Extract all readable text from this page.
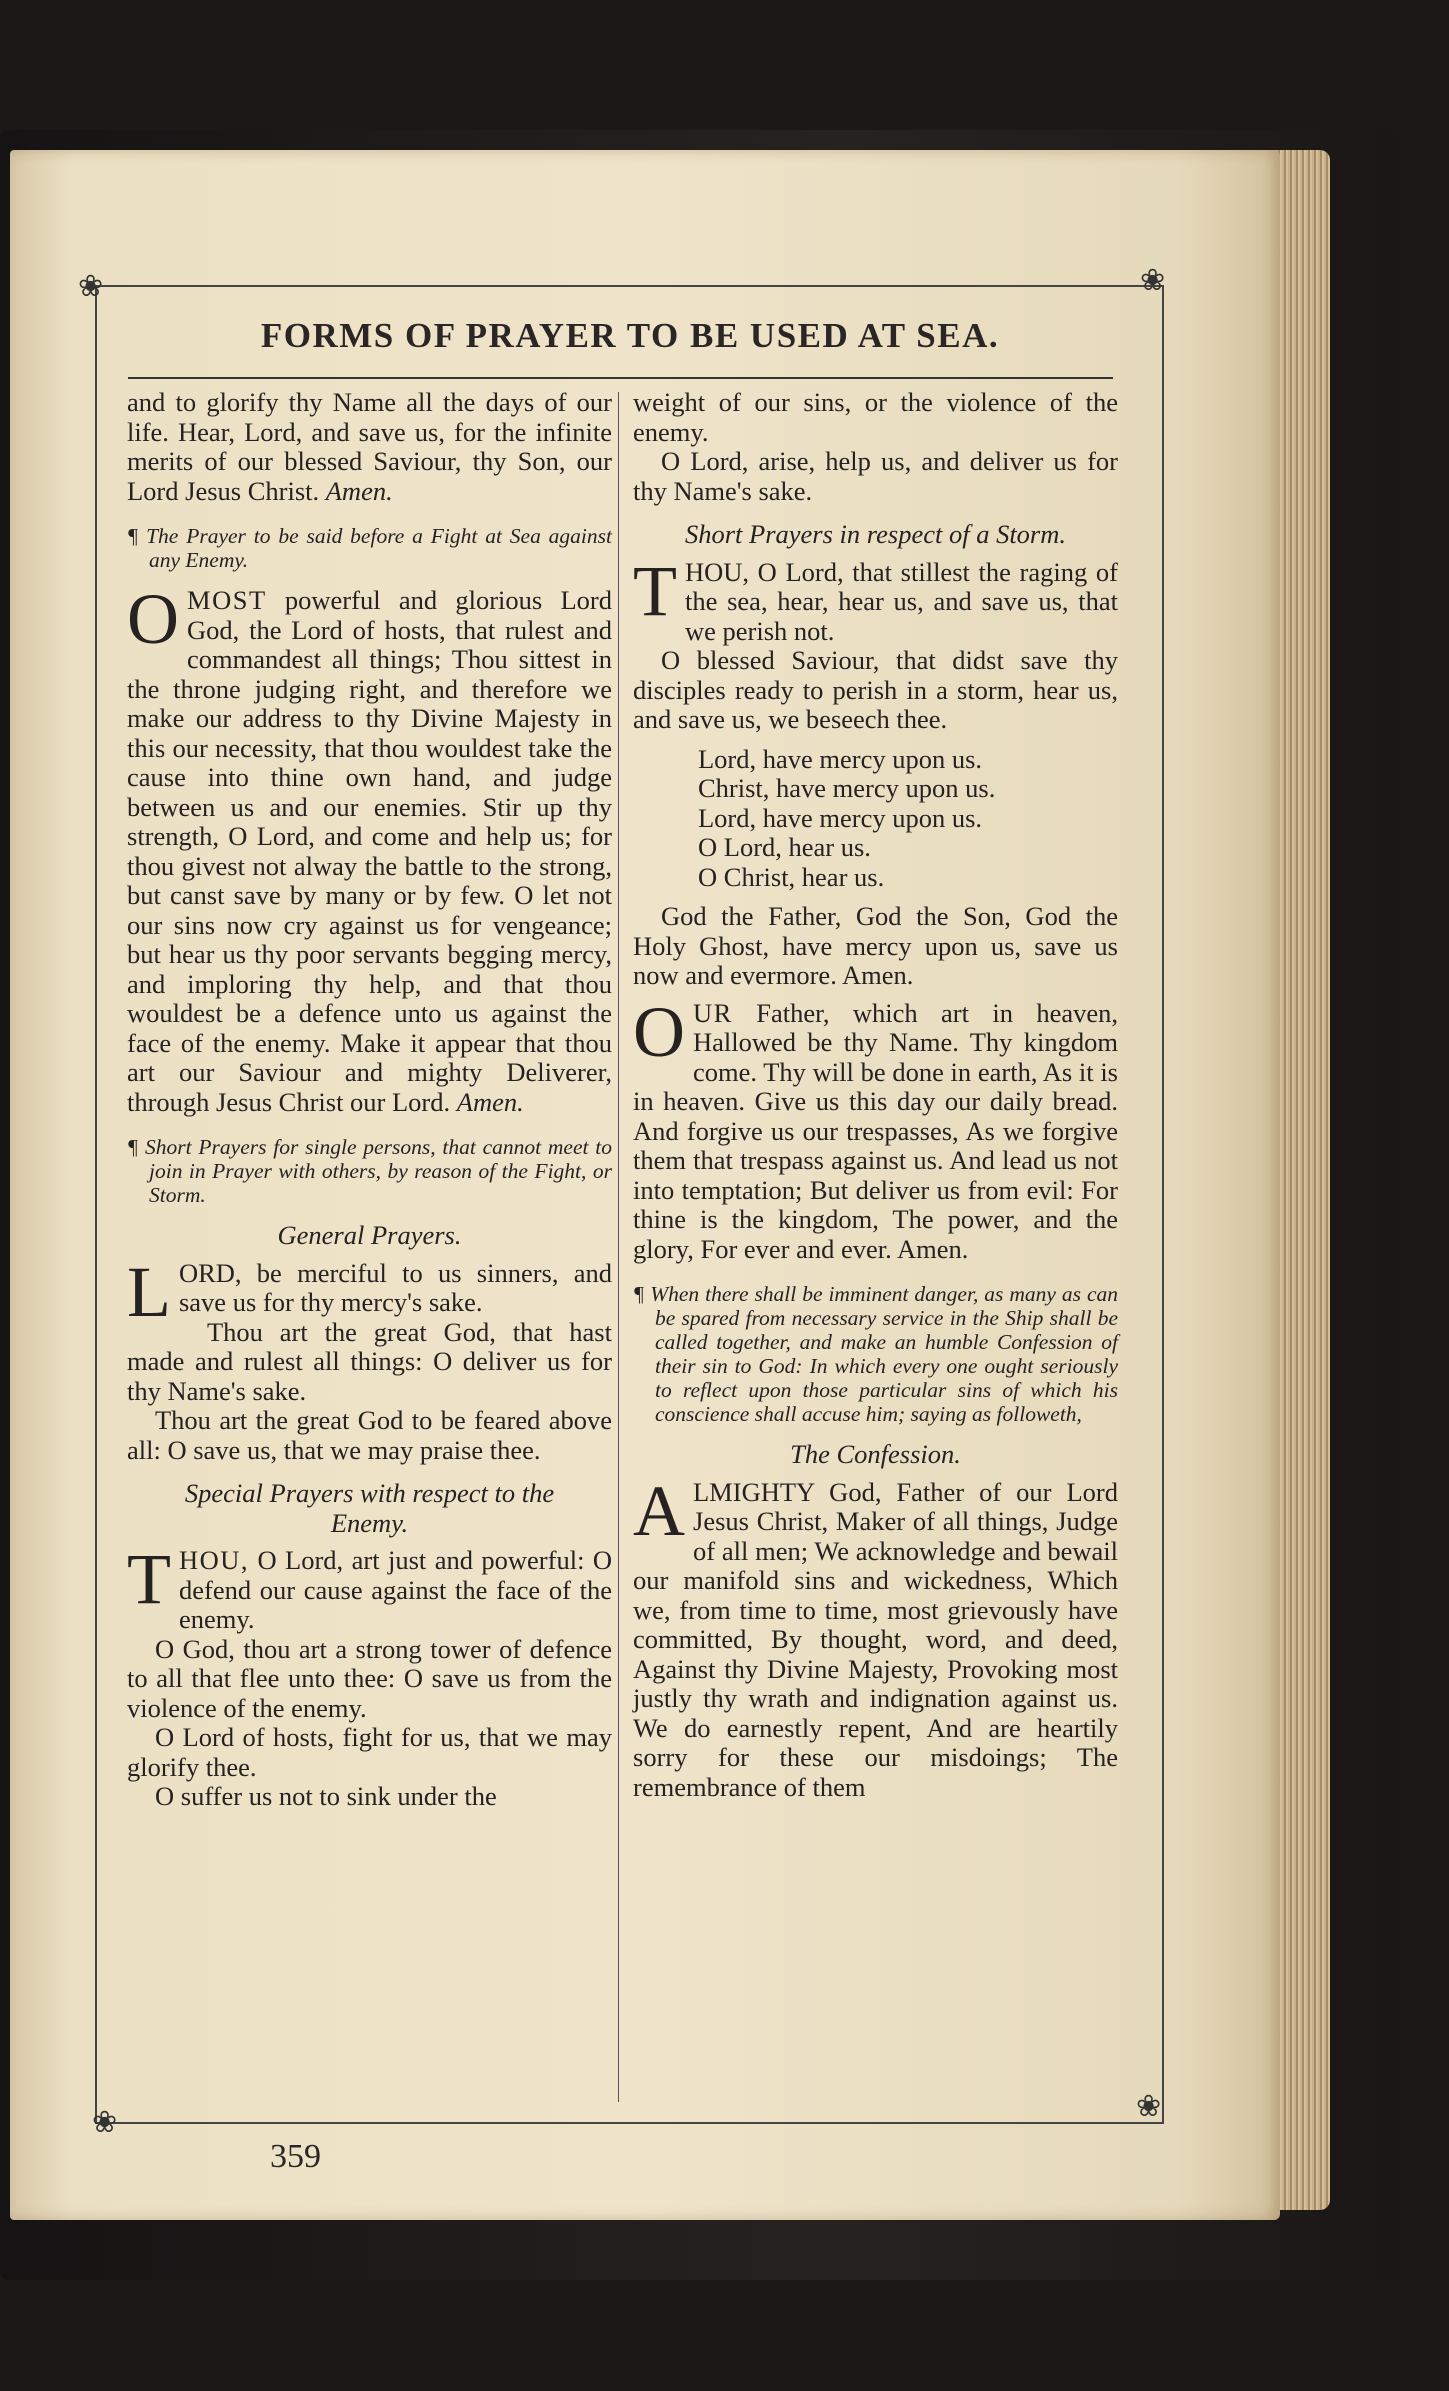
❀	❀
❀	❀
FORMS OF PRAYER TO BE USED AT SEA.

and to glorify thy Name all the days of our life. Hear, Lord, and save us, for the infinite merits of our blessed Saviour, thy Son, our Lord Jesus Christ. Amen.

¶ The Prayer to be said before a Fight at Sea against any Enemy.

OMOST powerful and glorious Lord God, the Lord of hosts, that rulest and commandest all things; Thou sittest in the throne judging right, and therefore we make our address to thy Divine Majesty in this our necessity, that thou wouldest take the cause into thine own hand, and judge between us and our enemies. Stir up thy strength, O Lord, and come and help us; for thou givest not alway the battle to the strong, but canst save by many or by few. O let not our sins now cry against us for vengeance; but hear us thy poor servants begging mercy, and imploring thy help, and that thou wouldest be a defence unto us against the face of the enemy. Make it appear that thou art our Saviour and mighty Deliverer, through Jesus Christ our Lord. Amen.

¶ Short Prayers for single persons, that cannot meet to join in Prayer with others, by reason of the Fight, or Storm.

General Prayers.

LORD, be merciful to us sinners, and save us for thy mercy's sake.

Thou art the great God, that hast made and rulest all things: O deliver us for thy Name's sake.

Thou art the great God to be feared above all: O save us, that we may praise thee.

Special Prayers with respect to the Enemy.

THOU, O Lord, art just and powerful: O defend our cause against the face of the enemy.

O God, thou art a strong tower of defence to all that flee unto thee: O save us from the violence of the enemy.

O Lord of hosts, fight for us, that we may glorify thee.

O suffer us not to sink under the

weight of our sins, or the violence of the enemy.

O Lord, arise, help us, and deliver us for thy Name's sake.

Short Prayers in respect of a Storm.

THOU, O Lord, that stillest the raging of the sea, hear, hear us, and save us, that we perish not.

O blessed Saviour, that didst save thy disciples ready to perish in a storm, hear us, and save us, we beseech thee.

Lord, have mercy upon us.

Christ, have mercy upon us.

Lord, have mercy upon us.

O Lord, hear us.

O Christ, hear us.

God the Father, God the Son, God the Holy Ghost, have mercy upon us, save us now and evermore. Amen.

OUR Father, which art in heaven, Hallowed be thy Name. Thy kingdom come. Thy will be done in earth, As it is in heaven. Give us this day our daily bread. And forgive us our trespasses, As we forgive them that trespass against us. And lead us not into temptation; But deliver us from evil: For thine is the kingdom, The power, and the glory, For ever and ever. Amen.

¶ When there shall be imminent danger, as many as can be spared from necessary service in the Ship shall be called together, and make an humble Confession of their sin to God: In which every one ought seriously to reflect upon those particular sins of which his conscience shall accuse him; saying as followeth,

The Confession.

ALMIGHTY God, Father of our Lord Jesus Christ, Maker of all things, Judge of all men; We acknowledge and bewail our manifold sins and wickedness, Which we, from time to time, most grievously have committed, By thought, word, and deed, Against thy Divine Majesty, Provoking most justly thy wrath and indignation against us. We do earnestly repent, And are heartily sorry for these our misdoings; The remembrance of them

359
